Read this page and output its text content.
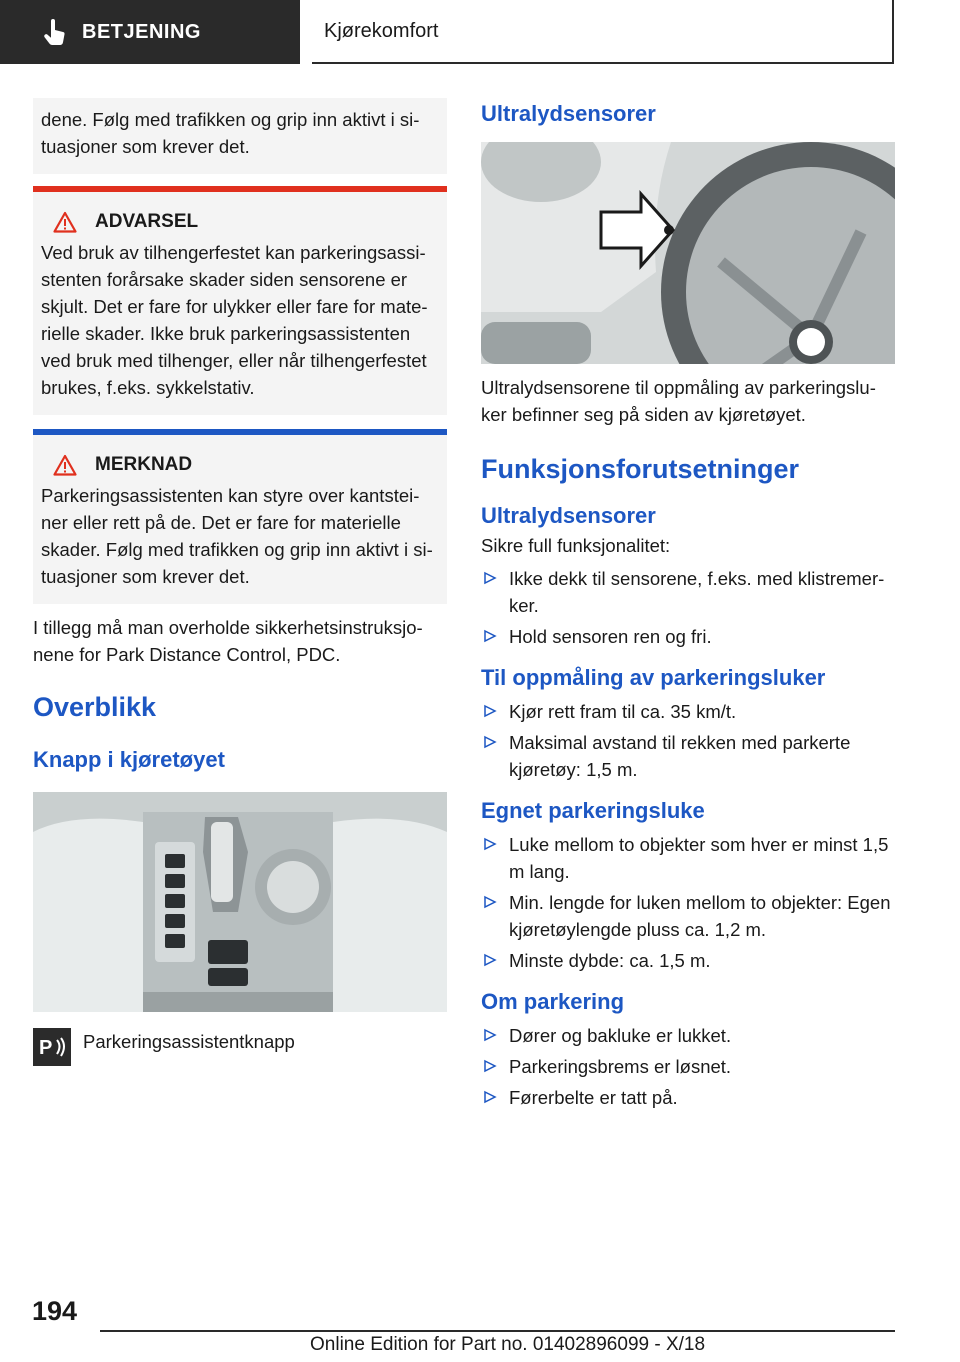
BETJENING	Kjørekomfort
dene. Følg med trafikken og grip inn aktivt i situasjoner som krever det.
ADVARSEL
Ved bruk av tilhengerfestet kan parkeringsassistenten forårsake skader siden sensorene er skjult. Det er fare for ulykker eller fare for materielle skader. Ikke bruk parkeringsassistenten ved bruk med tilhenger, eller når tilhengerfestet brukes, f.eks. sykkelstativ.
MERKNAD
Parkeringsassistenten kan styre over kantsteiner eller rett på de. Det er fare for materielle skader. Følg med trafikken og grip inn aktivt i situasjoner som krever det.
I tillegg må man overholde sikkerhetsinstruksjonene for Park Distance Control, PDC.
Overblikk
Knapp i kjøretøyet
P Parkeringsassistentknapp
Ultralydsensorer
Ultralydsensorene til oppmåling av parkeringsluker befinner seg på siden av kjøretøyet.
Funksjonsforutsetninger
Ultralydsensorer
Sikre full funksjonalitet:
Ikke dekk til sensorene, f.eks. med klistremerker.
Hold sensoren ren og fri.
Til oppmåling av parkeringsluker
Kjør rett fram til ca. 35 km/t.
Maksimal avstand til rekken med parkerte kjøretøy: 1,5 m.
Egnet parkeringsluke
Luke mellom to objekter som hver er minst 1,5 m lang.
Min. lengde for luken mellom to objekter: Egen kjøretøylengde pluss ca. 1,2 m.
Minste dybde: ca. 1,5 m.
Om parkering
Dører og bakluke er lukket.
Parkeringsbrems er løsnet.
Førerbelte er tatt på.
194
Online Edition for Part no. 01402896099 - X/18
